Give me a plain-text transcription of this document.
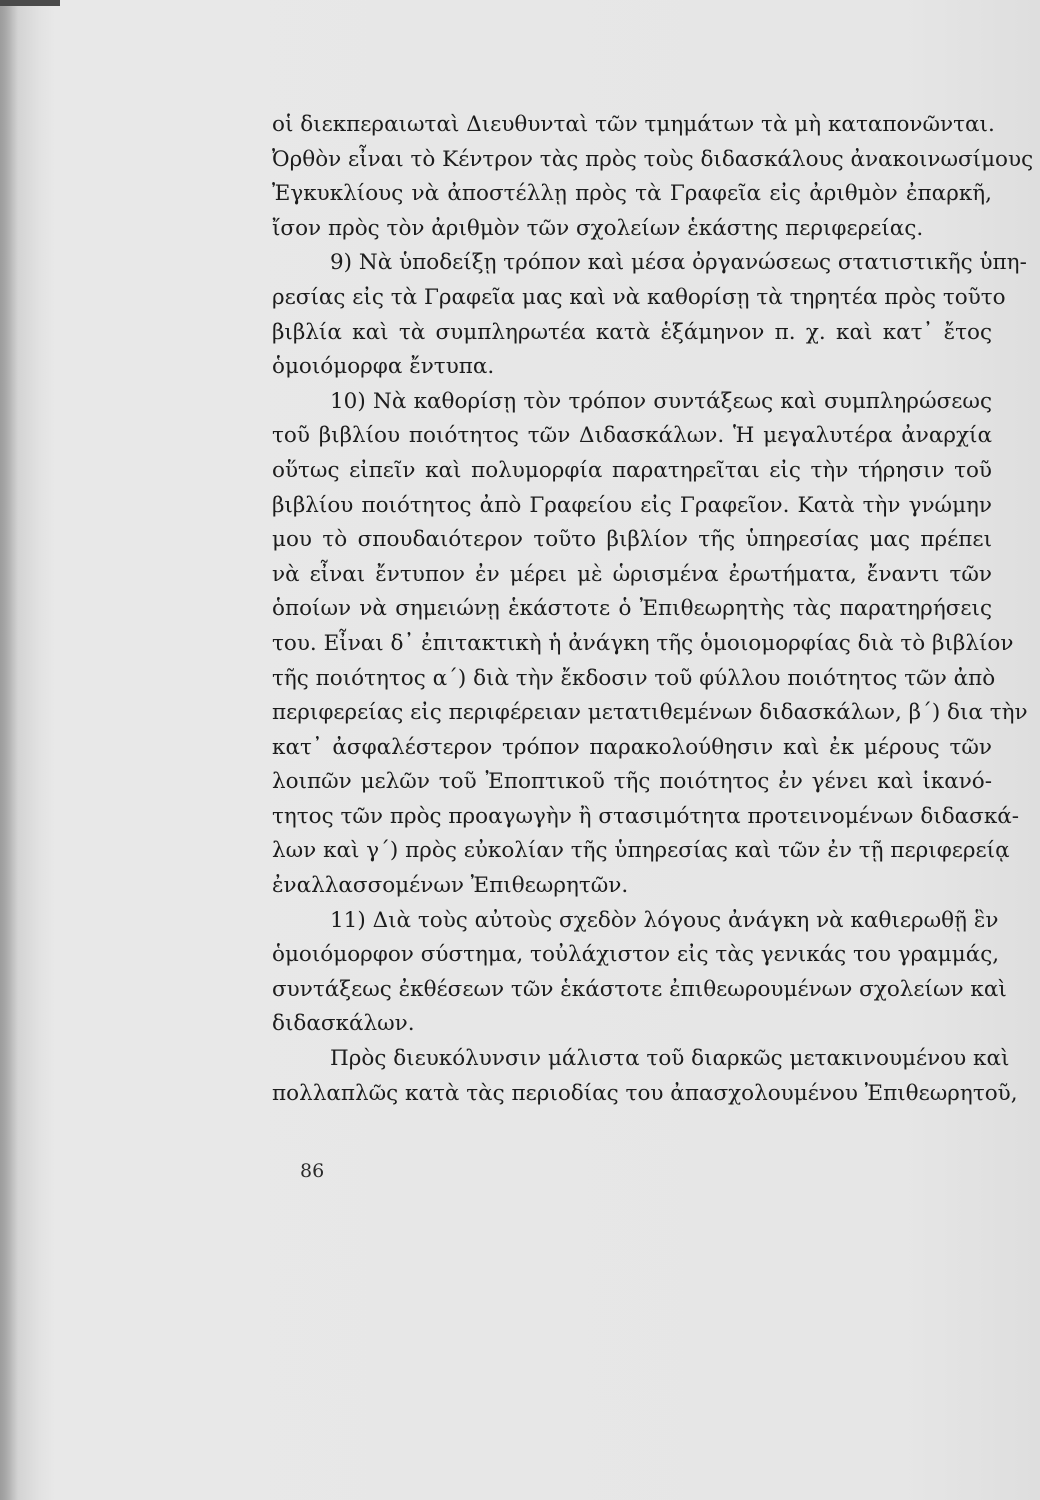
οἱ διεκπεραιωταὶ Διευθυνταὶ τῶν τμημάτων τὰ μὴ καταπονῶνται.
Ὀρθὸν εἶναι τὸ Κέντρον τὰς πρὸς τοὺς διδασκάλους ἀνακοινωσίμους
Ἐγκυκλίους νὰ ἀποστέλλῃ πρὸς τὰ Γραφεῖα εἰς ἀριθμὸν ἐπαρκῆ,
ἴσον πρὸς τὸν ἀριθμὸν τῶν σχολείων ἑκάστης περιφερείας.
9) Νὰ ὑποδείξῃ τρόπον καὶ μέσα ὀργανώσεως στατιστικῆς ὑπη-
ρεσίας εἰς τὰ Γραφεῖα μας καὶ νὰ καθορίσῃ τὰ τηρητέα πρὸς τοῦτο
βιβλία καὶ τὰ συμπληρωτέα κατὰ ἑξάμηνον π. χ. καὶ κατ᾽ ἔτος
ὁμοιόμορφα ἔντυπα.
10) Νὰ καθορίσῃ τὸν τρόπον συντάξεως καὶ συμπληρώσεως
τοῦ βιβλίου ποιότητος τῶν Διδασκάλων. Ἡ μεγαλυτέρα ἀναρχία
οὕτως εἰπεῖν καὶ πολυμορφία παρατηρεῖται εἰς τὴν τήρησιν τοῦ
βιβλίου ποιότητος ἀπὸ Γραφείου εἰς Γραφεῖον. Κατὰ τὴν γνώμην
μου τὸ σπουδαιότερον τοῦτο βιβλίον τῆς ὑπηρεσίας μας πρέπει
νὰ εἶναι ἔντυπον ἐν μέρει μὲ ὡρισμένα ἐρωτήματα, ἔναντι τῶν
ὁποίων νὰ σημειώνῃ ἑκάστοτε ὁ Ἐπιθεωρητὴς τὰς παρατηρήσεις
του. Εἶναι δ᾽ ἐπιτακτικὴ ἡ ἀνάγκη τῆς ὁμοιομορφίας διὰ τὸ βιβλίον
τῆς ποιότητος α´) διὰ τὴν ἔκδοσιν τοῦ φύλλου ποιότητος τῶν ἀπὸ
περιφερείας εἰς περιφέρειαν μετατιθεμένων διδασκάλων, β´) δια τὴν
κατ᾽ ἀσφαλέστερον τρόπον παρακολούθησιν καὶ ἐκ μέρους τῶν
λοιπῶν μελῶν τοῦ Ἐποπτικοῦ τῆς ποιότητος ἐν γένει καὶ ἱκανό-
τητος τῶν πρὸς προαγωγὴν ἢ στασιμότητα προτεινομένων διδασκά-
λων καὶ γ´) πρὸς εὐκολίαν τῆς ὑπηρεσίας καὶ τῶν ἐν τῇ περιφερείᾳ
ἐναλλασσομένων Ἐπιθεωρητῶν.
11) Διὰ τοὺς αὐτοὺς σχεδὸν λόγους ἀνάγκη νὰ καθιερωθῇ ἓν
ὁμοιόμορφον σύστημα, τοὐλάχιστον εἰς τὰς γενικάς του γραμμάς,
συντάξεως ἐκθέσεων τῶν ἑκάστοτε ἐπιθεωρουμένων σχολείων καὶ
διδασκάλων.
Πρὸς διευκόλυνσιν μάλιστα τοῦ διαρκῶς μετακινουμένου καὶ
πολλαπλῶς κατὰ τὰς περιοδίας του ἀπασχολουμένου Ἐπιθεωρητοῦ,
86
